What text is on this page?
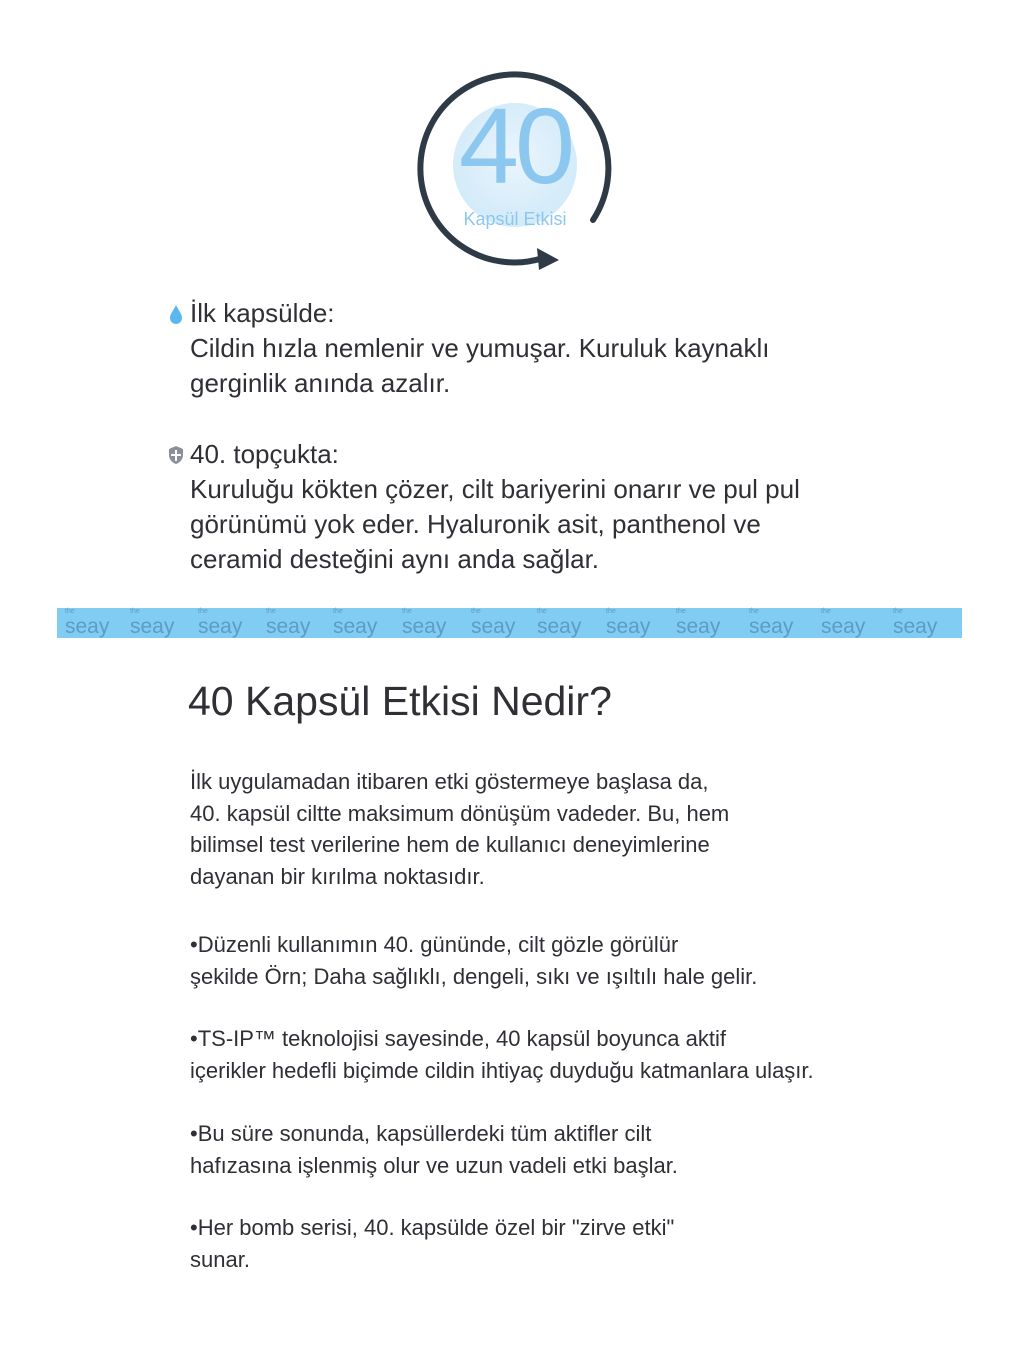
40
Kapsül Etkisi
İlk kapsülde:
Cildin hızla nemlenir ve yumuşar. Kuruluk kaynaklı
gerginlik anında azalır.
40. topçukta:
Kuruluğu kökten çözer, cilt bariyerini onarır ve pul pul
görünümü yok eder. Hyaluronik asit, panthenol ve
ceramid desteğini aynı anda sağlar.
the
seay
the
seay
the
seay
the
seay
the
seay
the
seay
the
seay
the
seay
the
seay
the
seay
the
seay
the
seay
the
seay
40 Kapsül Etkisi Nedir?
İlk uygulamadan itibaren etki göstermeye başlasa da,
40. kapsül ciltte maksimum dönüşüm vadeder. Bu, hem
bilimsel test verilerine hem de kullanıcı deneyimlerine
dayanan bir kırılma noktasıdır.
•Düzenli kullanımın 40. gününde, cilt gözle görülür
şekilde Örn; Daha sağlıklı, dengeli, sıkı ve ışıltılı hale gelir.
•TS-IP™ teknolojisi sayesinde, 40 kapsül boyunca aktif
içerikler hedefli biçimde cildin ihtiyaç duyduğu katmanlara ulaşır.
•Bu süre sonunda, kapsüllerdeki tüm aktifler cilt
hafızasına işlenmiş olur ve uzun vadeli etki başlar.
•Her bomb serisi, 40. kapsülde özel bir "zirve etki"
sunar.
